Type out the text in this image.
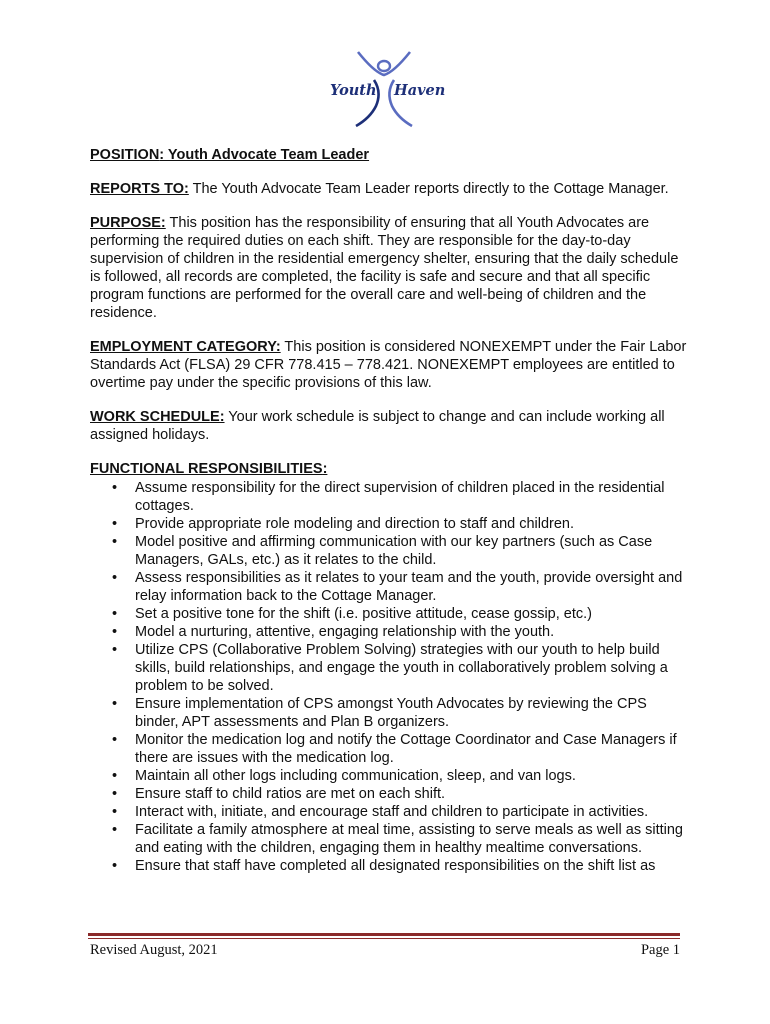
Youth Haven
POSITION: Youth Advocate Team Leader
REPORTS TO: The Youth Advocate Team Leader reports directly to the Cottage Manager.
PURPOSE: This position has the responsibility of ensuring that all Youth Advocates are performing the required duties on each shift. They are responsible for the day-to-day supervision of children in the residential emergency shelter, ensuring that the daily schedule is followed, all records are completed, the facility is safe and secure and that all specific program functions are performed for the overall care and well-being of children and the residence.
EMPLOYMENT CATEGORY: This position is considered NONEXEMPT under the Fair Labor Standards Act (FLSA) 29 CFR 778.415 – 778.421. NONEXEMPT employees are entitled to overtime pay under the specific provisions of this law.
WORK SCHEDULE: Your work schedule is subject to change and can include working all assigned holidays.
FUNCTIONAL RESPONSIBILITIES:
• Assume responsibility for the direct supervision of children placed in the residential cottages.
• Provide appropriate role modeling and direction to staff and children.
• Model positive and affirming communication with our key partners (such as Case Managers, GALs, etc.) as it relates to the child.
• Assess responsibilities as it relates to your team and the youth, provide oversight and relay information back to the Cottage Manager.
• Set a positive tone for the shift (i.e. positive attitude, cease gossip, etc.)
• Model a nurturing, attentive, engaging relationship with the youth.
• Utilize CPS (Collaborative Problem Solving) strategies with our youth to help build skills, build relationships, and engage the youth in collaboratively problem solving a problem to be solved.
• Ensure implementation of CPS amongst Youth Advocates by reviewing the CPS binder, APT assessments and Plan B organizers.
• Monitor the medication log and notify the Cottage Coordinator and Case Managers if there are issues with the medication log.
• Maintain all other logs including communication, sleep, and van logs.
• Ensure staff to child ratios are met on each shift.
• Interact with, initiate, and encourage staff and children to participate in activities.
• Facilitate a family atmosphere at meal time, assisting to serve meals as well as sitting and eating with the children, engaging them in healthy mealtime conversations.
• Ensure that staff have completed all designated responsibilities on the shift list as
Revised August, 2021	Page 1
